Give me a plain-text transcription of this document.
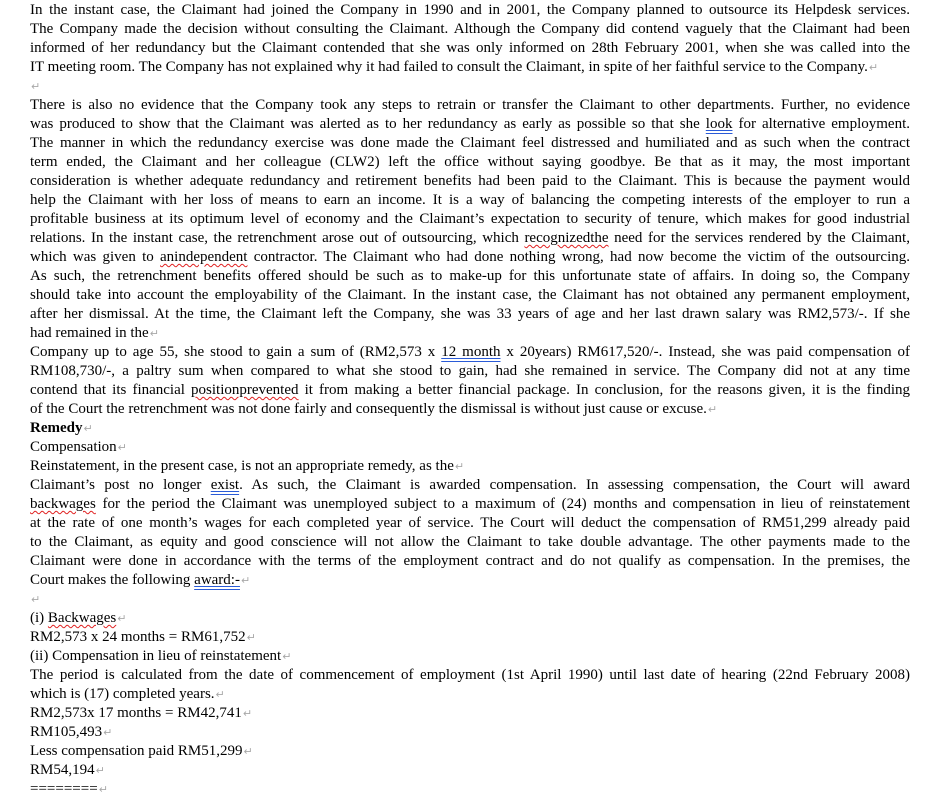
In the instant case, the Claimant had joined the Company in 1990 and in 2001, the Company planned to outsource its Helpdesk services.
The Company made the decision without consulting the Claimant. Although the Company did contend vaguely that the Claimant had been
informed of her redundancy but the Claimant contended that she was only informed on 28th February 2001, when she was called into the
IT meeting room. The Company has not explained why it had failed to consult the Claimant, in spite of her faithful service to the Company.↵
↵
There is also no evidence that the Company took any steps to retrain or transfer the Claimant to other departments. Further, no evidence
was produced to show that the Claimant was alerted as to her redundancy as early as possible so that she look for alternative employment.
The manner in which the redundancy exercise was done made the Claimant feel distressed and humiliated and as such when the contract
term ended, the Claimant and her colleague (CLW2) left the office without saying goodbye. Be that as it may, the most important
consideration is whether adequate redundancy and retirement benefits had been paid to the Claimant. This is because the payment would
help the Claimant with her loss of means to earn an income. It is a way of balancing the competing interests of the employer to run a
profitable business at its optimum level of economy and the Claimant’s expectation to security of tenure, which makes for good industrial
relations. In the instant case, the retrenchment arose out of outsourcing, which recognizedthe need for the services rendered by the Claimant,
which was given to anindependent contractor. The Claimant who had done nothing wrong, had now become the victim of the outsourcing.
As such, the retrenchment benefits offered should be such as to make-up for this unfortunate state of affairs. In doing so, the Company
should take into account the employability of the Claimant. In the instant case, the Claimant has not obtained any permanent employment,
after her dismissal. At the time, the Claimant left the Company, she was 33 years of age and her last drawn salary was RM2,573/-. If she
had remained in the↵
Company up to age 55, she stood to gain a sum of (RM2,573 x 12 month x 20years) RM617,520/-. Instead, she was paid compensation of
RM108,730/-, a paltry sum when compared to what she stood to gain, had she remained in service. The Company did not at any time
contend that its financial positionprevented it from making a better financial package. In conclusion, for the reasons given, it is the finding
of the Court the retrenchment was not done fairly and consequently the dismissal is without just cause or excuse.↵
Remedy↵
Compensation↵
Reinstatement, in the present case, is not an appropriate remedy, as the↵
Claimant’s post no longer exist. As such, the Claimant is awarded compensation. In assessing compensation, the Court will award
backwages for the period the Claimant was unemployed subject to a maximum of (24) months and compensation in lieu of reinstatement
at the rate of one month’s wages for each completed year of service. The Court will deduct the compensation of RM51,299 already paid
to the Claimant, as equity and good conscience will not allow the Claimant to take double advantage. The other payments made to the
Claimant were done in accordance with the terms of the employment contract and do not qualify as compensation. In the premises, the
Court makes the following award:-↵
↵
(i) Backwages↵
RM2,573 x 24 months = RM61,752↵
(ii) Compensation in lieu of reinstatement↵
The period is calculated from the date of commencement of employment (1st April 1990) until last date of hearing (22nd February 2008)
which is (17) completed years.↵
RM2,573x 17 months = RM42,741↵
RM105,493↵
Less compensation paid RM51,299↵
RM54,194↵
========↵
